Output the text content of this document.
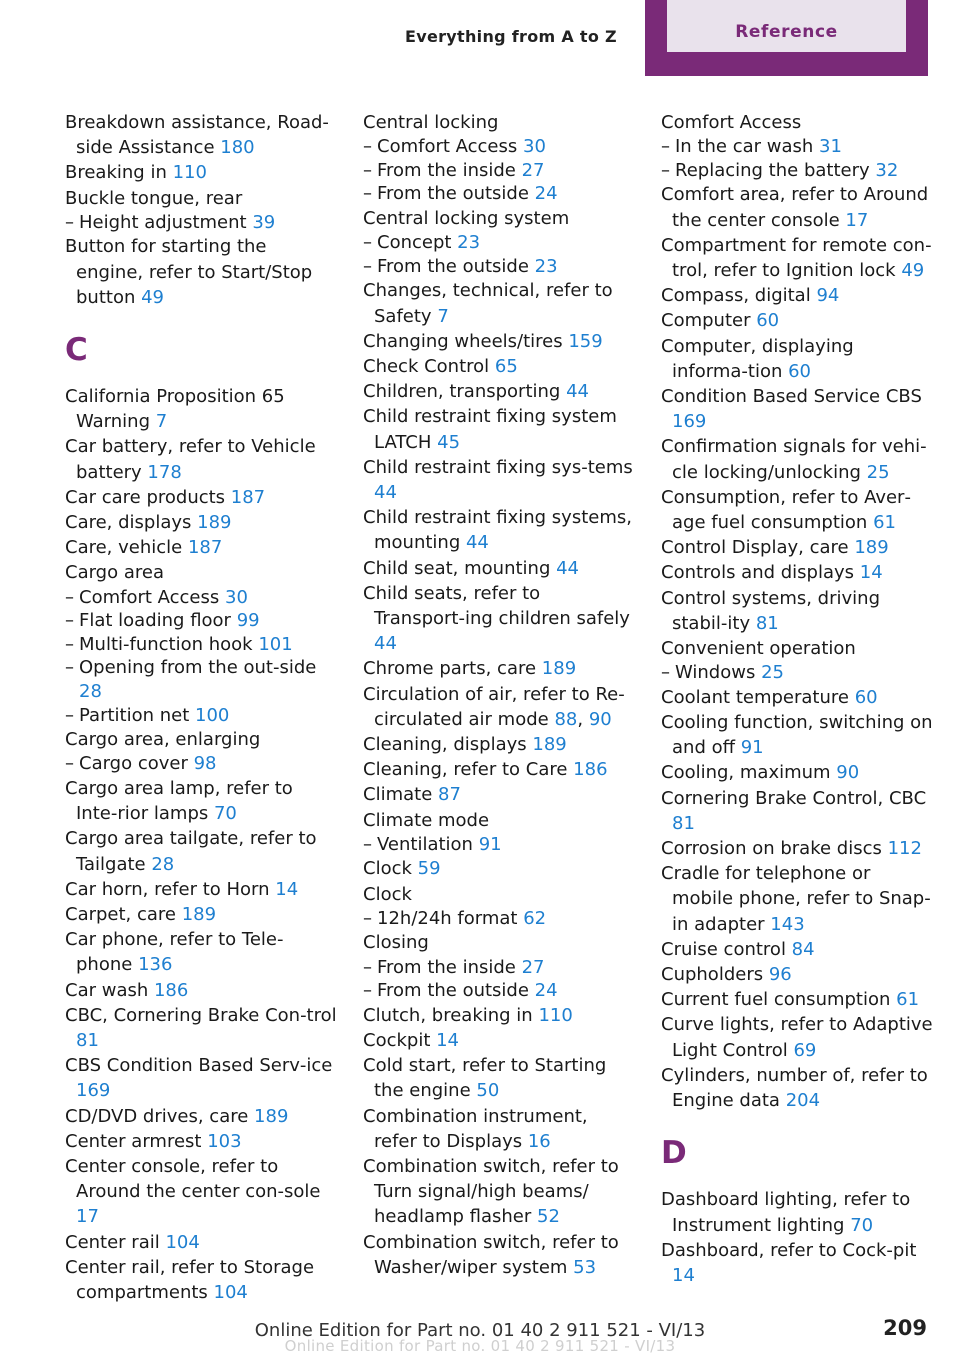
Everything from A to Z	Reference
Breakdown assistance, Road‐side Assistance 180
Breaking in 110
Buckle tongue, rear
– Height adjustment 39
Button for starting the engine, refer to Start/Stop button 49
C
California Proposition 65 Warning 7
Car battery, refer to Vehicle battery 178
Car care products 187
Care, displays 189
Care, vehicle 187
Cargo area
– Comfort Access 30
– Flat loading floor 99
– Multi-function hook 101
– Opening from the out‐side 28
– Partition net 100
Cargo area, enlarging
– Cargo cover 98
Cargo area lamp, refer to Inte‐rior lamps 70
Cargo area tailgate, refer to Tailgate 28
Car horn, refer to Horn 14
Carpet, care 189
Car phone, refer to Tele‐phone 136
Car wash 186
CBC, Cornering Brake Con‐trol 81
CBS Condition Based Serv‐ice 169
CD/DVD drives, care 189
Center armrest 103
Center console, refer to Around the center con‐sole 17
Center rail 104
Center rail, refer to Storage compartments 104
Central locking
– Comfort Access 30
– From the inside 27
– From the outside 24
Central locking system
– Concept 23
– From the outside 23
Changes, technical, refer to Safety 7
Changing wheels/tires 159
Check Control 65
Children, transporting 44
Child restraint fixing system LATCH 45
Child restraint fixing sys‐tems 44
Child restraint fixing systems, mounting 44
Child seat, mounting 44
Child seats, refer to Transport‐ing children safely 44
Chrome parts, care 189
Circulation of air, refer to Re‐circulated air mode 88, 90
Cleaning, displays 189
Cleaning, refer to Care 186
Climate 87
Climate mode
– Ventilation 91
Clock 59
Clock
– 12h/24h format 62
Closing
– From the inside 27
– From the outside 24
Clutch, breaking in 110
Cockpit 14
Cold start, refer to Starting the engine 50
Combination instrument, refer to Displays 16
Combination switch, refer to Turn signal/high beams/ headlamp flasher 52
Combination switch, refer to Washer/wiper system 53
Comfort Access
– In the car wash 31
– Replacing the battery 32
Comfort area, refer to Around the center console 17
Compartment for remote con‐trol, refer to Ignition lock 49
Compass, digital 94
Computer 60
Computer, displaying informa‐tion 60
Condition Based Service CBS 169
Confirmation signals for vehi‐cle locking/unlocking 25
Consumption, refer to Aver‐age fuel consumption 61
Control Display, care 189
Controls and displays 14
Control systems, driving stabil‐ity 81
Convenient operation
– Windows 25
Coolant temperature 60
Cooling function, switching on and off 91
Cooling, maximum 90
Cornering Brake Control, CBC 81
Corrosion on brake discs 112
Cradle for telephone or mobile phone, refer to Snap-in adapter 143
Cruise control 84
Cupholders 96
Current fuel consumption 61
Curve lights, refer to Adaptive Light Control 69
Cylinders, number of, refer to Engine data 204
D
Dashboard lighting, refer to Instrument lighting 70
Dashboard, refer to Cock‐pit 14
Online Edition for Part no. 01 40 2 911 521 - VI/13	209
Online Edition for Part no. 01 40 2 911 521 - VI/13
